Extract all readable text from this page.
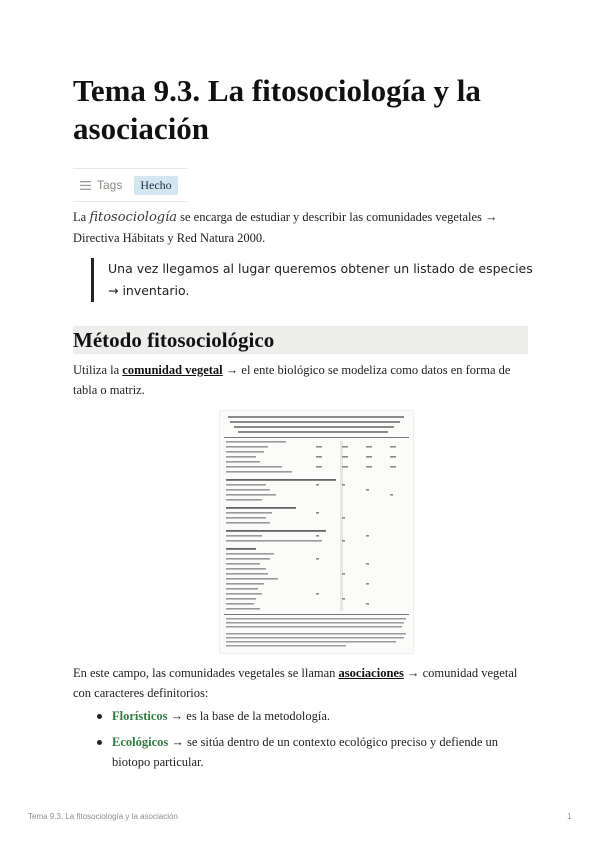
Tema 9.3. La fitosociología y la asociación
Tags	Hecho

La fitosociología se encarga de estudiar y describir las comunidades vegetales → Directiva Hábitats y Red Natura 2000.

Una vez llegamos al lugar queremos obtener un listado de especies → inventario.
Método fitosociológico

Utiliza la comunidad vegetal → el ente biológico se modeliza como datos en forma de tabla o matriz.

En este campo, las comunidades vegetales se llaman asociaciones → comunidad vegetal con caracteres definitorios:

Florísticos → es la base de la metodología.
Ecológicos → se sitúa dentro de un contexto ecológico preciso y defiende un biotopo particular.
Tema 9.3. La fitosociología y la asociación	1
